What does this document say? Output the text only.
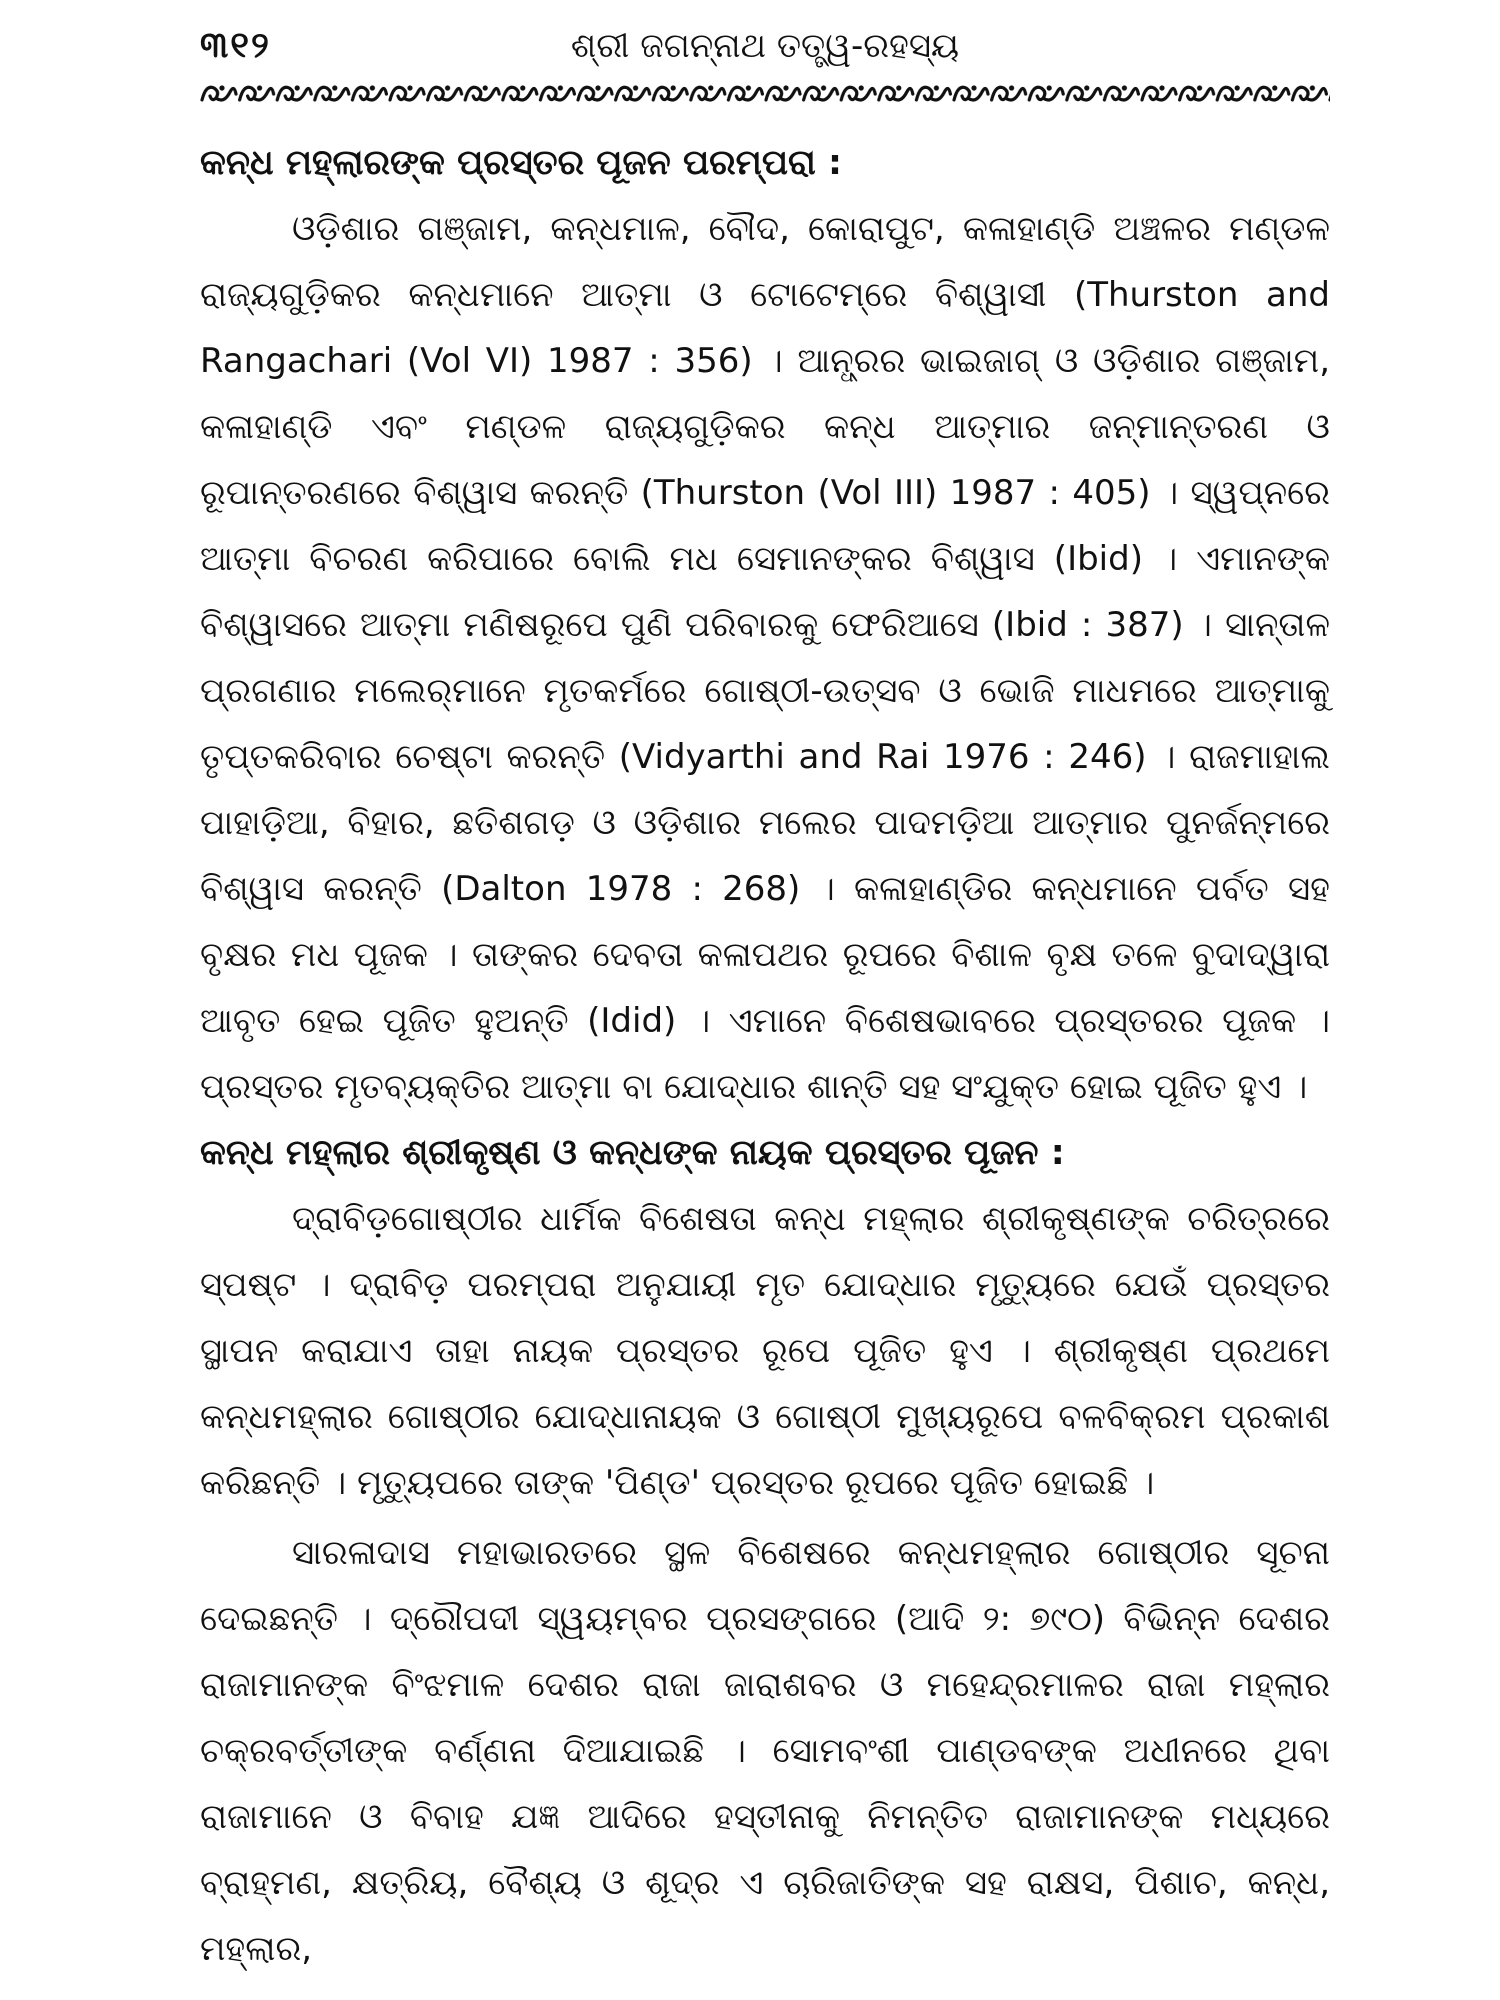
୩୧୨	ଶ୍ରୀ ଜଗନ୍ନାଥ ତତ୍ତ୍ୱ-ରହସ୍ୟ
କନ୍ଧ ମହ୍ଲାରଙ୍କ ପ୍ରସ୍ତର ପୂଜନ ପରମ୍ପରା :

ଓଡ଼ିଶାର ଗଞ୍ଜାମ, କନ୍ଧମାଳ, ବୌଦ, କୋରାପୁଟ, କଳାହାଣ୍ଡି ଅଞ୍ଚଳର ମଣ୍ଡଳ ରାଜ୍ୟଗୁଡ଼ିକର କନ୍ଧମାନେ ଆତ୍ମା ଓ ଟୋଟେମ୍‌ରେ ବିଶ୍ୱାସୀ (Thurston and Rangachari (Vol VI) 1987 : 356) । ଆନ୍ଧ୍ରର ଭାଇଜାଗ୍ ଓ ଓଡ଼ିଶାର ଗଞ୍ଜାମ, କଳାହାଣ୍ଡି ଏବଂ ମଣ୍ଡଳ ରାଜ୍ୟଗୁଡ଼ିକର କନ୍ଧ ଆତ୍ମାର ଜନ୍ମାନ୍ତରଣ ଓ ରୂପାନ୍ତରଣରେ ବିଶ୍ୱାସ କରନ୍ତି (Thurston (Vol III) 1987 : 405) । ସ୍ୱପ୍ନରେ ଆତ୍ମା ବିଚରଣ କରିପାରେ ବୋଲି ମଧ ସେମାନଙ୍କର ବିଶ୍ୱାସ (Ibid) । ଏମାନଙ୍କ ବିଶ୍ୱାସରେ ଆତ୍ମା ମଣିଷରୂପେ ପୁଣି ପରିବାରକୁ ଫେରିଆସେ (Ibid : 387) । ସାନ୍ତାଳ ପ୍ରଗଣାର ମଲେର୍‌ମାନେ ମୃତକର୍ମରେ ଗୋଷ୍ଠୀ-ଉତ୍ସବ ଓ ଭୋଜି ମାଧମରେ ଆତ୍ମାକୁ ତୃପ୍ତକରିବାର ଚେଷ୍ଟା କରନ୍ତି (Vidyarthi and Rai 1976 : 246) । ରାଜମାହାଲ ପାହାଡ଼ିଆ, ବିହାର, ଛତିଶଗଡ଼ ଓ ଓଡ଼ିଶାର ମଲେର ପାଦମଡ଼ିଆ ଆତ୍ମାର ପୁନର୍ଜନ୍ମରେ ବିଶ୍ୱାସ କରନ୍ତି (Dalton 1978 : 268) । କଳାହାଣ୍ଡିର କନ୍ଧମାନେ ପର୍ବତ ସହ ବୃକ୍ଷର ମଧ ପୂଜକ । ତାଙ୍କର ଦେବତା କଳାପଥର ରୂପରେ ବିଶାଳ ବୃକ୍ଷ ତଳେ ବୁଦାଦ୍ୱାରା ଆବୃତ ହେଇ ପୂଜିତ ହୁଅନ୍ତି (Idid) । ଏମାନେ ବିଶେଷଭାବରେ ପ୍ରସ୍ତରର ପୂଜକ । ପ୍ରସ୍ତର ମୃତବ୍ୟକ୍ତିର ଆତ୍ମା ବା ଯୋଦ୍ଧାର ଶାନ୍ତି ସହ ସଂଯୁକ୍ତ ହୋଇ ପୂଜିତ ହୁଏ ।

କନ୍ଧ ମହ୍ଲାର ଶ୍ରୀକୃଷ୍ଣ ଓ କନ୍ଧଙ୍କ ନାୟକ ପ୍ରସ୍ତର ପୂଜନ :

ଦ୍ରାବିଡ଼ଗୋଷ୍ଠୀର ଧାର୍ମିକ ବିଶେଷତା କନ୍ଧ ମହ୍ଲାର ଶ୍ରୀକୃଷ୍ଣଙ୍କ ଚରିତ୍ରରେ ସ୍ପଷ୍ଟ । ଦ୍ରାବିଡ଼ ପରମ୍ପରା ଅନୁଯାୟୀ ମୃତ ଯୋଦ୍ଧାର ମୃତ୍ୟୁରେ ଯେଉଁ ପ୍ରସ୍ତର ସ୍ଥାପନ କରାଯାଏ ତାହା ନାୟକ ପ୍ରସ୍ତର ରୂପେ ପୂଜିତ ହୁଏ । ଶ୍ରୀକୃଷ୍ଣ ପ୍ରଥମେ କନ୍ଧମହ୍ଲାର ଗୋଷ୍ଠୀର ଯୋଦ୍ଧାନାୟକ ଓ ଗୋଷ୍ଠୀ ମୁଖ୍ୟରୂପେ ବଳବିକ୍ରମ ପ୍ରକାଶ କରିଛନ୍ତି । ମୃତ୍ୟୁପରେ ତାଙ୍କ 'ପିଣ୍ଡ' ପ୍ରସ୍ତର ରୂପରେ ପୂଜିତ ହୋଇଛି ।

ସାରଳାଦାସ ମହାଭାରତରେ ସ୍ଥଳ ବିଶେଷରେ କନ୍ଧମହ୍ଲାର ଗୋଷ୍ଠୀର ସୂଚନା ଦେଇଛନ୍ତି । ଦ୍ରୌପଦୀ ସ୍ୱୟମ୍ବର ପ୍ରସଙ୍ଗରେ (ଆଦି ୨: ୭୯୦) ବିଭିନ୍ନ ଦେଶର ରାଜାମାନଙ୍କ ବିଂଝମାଳ ଦେଶର ରାଜା ଜାରାଶବର ଓ ମହେନ୍ଦ୍ରମାଳର ରାଜା ମହ୍ଲାର ଚକ୍ରବର୍ତ୍ତୀଙ୍କ ବର୍ଣ୍ଣନା ଦିଆଯାଇଛି । ସୋମବଂଶୀ ପାଣ୍ଡବଙ୍କ ଅଧୀନରେ ଥିବା ରାଜାମାନେ ଓ ବିବାହ ଯଜ୍ଞ ଆଦିରେ ହସ୍ତୀନାକୁ ନିମନ୍ତିତ ରାଜାମାନଙ୍କ ମଧ୍ୟରେ ବ୍ରାହ୍ମଣ, କ୍ଷତ୍ରିୟ, ବୈଶ୍ୟ ଓ ଶୂଦ୍ର ଏ ଚାରିଜାତିଙ୍କ ସହ ରାକ୍ଷସ, ପିଶାଚ, କନ୍ଧ, ମହ୍ଲାର,
